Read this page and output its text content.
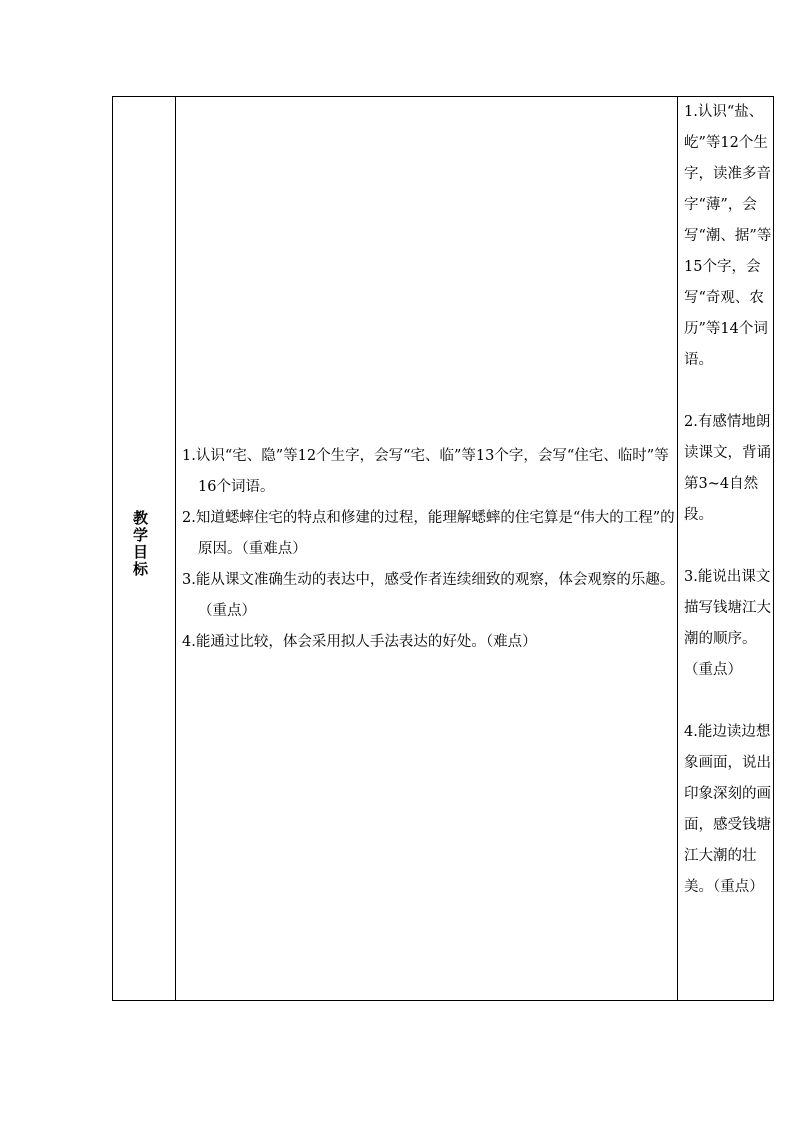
教学目标
1.认识“宅、隐”等12个生字，会写“宅、临”等13个字，会写“住宅、临时”等16个词语。
2.知道蟋蟀住宅的特点和修建的过程，能理解蟋蟀的住宅算是“伟大的工程”的原因。（重难点）
3.能从课文准确生动的表达中，感受作者连续细致的观察，体会观察的乐趣。（重点）
4.能通过比较，体会采用拟人手法表达的好处。（难点）
1.认识“盐、屹”等12个生字，读准多音字“薄”，会写“潮、据”等15个字，会写“奇观、农历”等14个词语。
2.有感情地朗读课文，背诵第3~4自然段。
3.能说出课文描写钱塘江大潮的顺序。（重点）
4.能边读边想象画面，说出印象深刻的画面，感受钱塘江大潮的壮美。（重点）
